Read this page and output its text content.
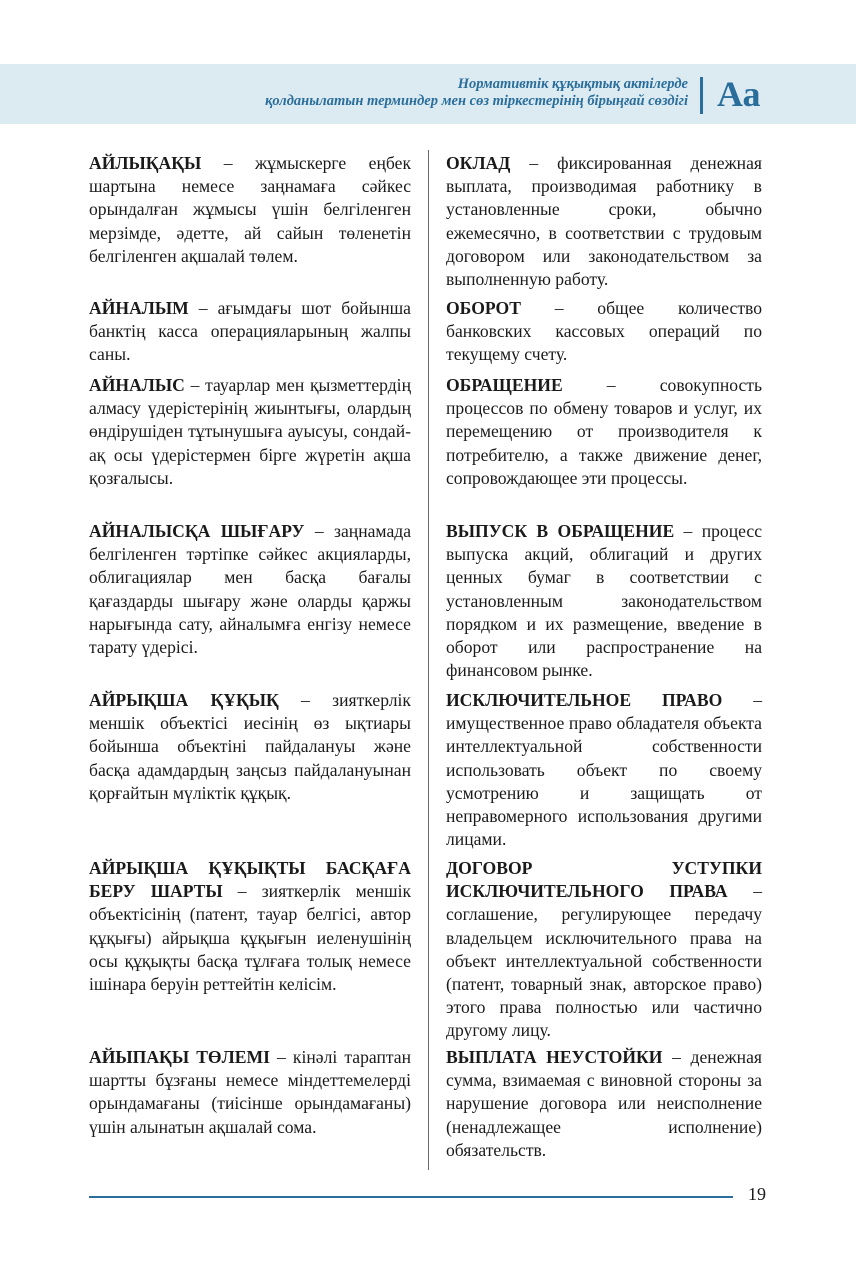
Нормативтік құқықтық актілерде
қолданылатын терминдер мен сөз тіркестерінің бірыңғай сөздігі Аа

АЙЛЫҚАҚЫ – жұмыскерге еңбек шартына немесе заңнамаға сәйкес орындалған жұмысы үшін белгіленген мерзімде, әдетте, ай сайын төленетін белгіленген ақшалай төлем.

ОКЛАД – фиксированная денежная выплата, производимая работнику в установленные сроки, обычно ежемесячно, в соответствии с трудовым договором или законодательством за выполненную работу.

АЙНАЛЫМ – ағымдағы шот бойынша банктің касса операцияларының жалпы саны.

ОБОРОТ – общее количество банковских кассовых операций по текущему счету.

АЙНАЛЫС – тауарлар мен қызметтердің алмасу үдерістерінің жиынтығы, олардың өндірушіден тұтынушыға ауысуы, сондай-ақ осы үдерістермен бірге жүретін ақша қозғалысы.

ОБРАЩЕНИЕ – совокупность процессов по обмену товаров и услуг, их перемещению от производителя к потребителю, а также движение денег, сопровождающее эти процессы.

АЙНАЛЫСҚА ШЫҒАРУ – заңнамада белгіленген тәртіпке сәйкес акцияларды, облигациялар мен басқа бағалы қағаздарды шығару және оларды қаржы нарығында сату, айналымға енгізу немесе тарату үдерісі.

ВЫПУСК В ОБРАЩЕНИЕ – процесс выпуска акций, облигаций и других ценных бумаг в соответствии с установленным законодательством порядком и их размещение, введение в оборот или распространение на финансовом рынке.

АЙРЫҚША ҚҰҚЫҚ – зияткерлік меншік объектісі иесінің өз ықтиары бойынша объектіні пайдалануы және басқа адамдардың заңсыз пайдалануынан қорғайтын мүліктік құқық.

ИСКЛЮЧИТЕЛЬНОЕ ПРАВО – имущественное право обладателя объекта интеллектуальной собственности использовать объект по своему усмотрению и защищать от неправомерного использования другими лицами.

АЙРЫҚША ҚҰҚЫҚТЫ БАСҚАҒА БЕРУ ШАРТЫ – зияткерлік меншік объектісінің (патент, тауар белгісі, автор құқығы) айрықша құқығын иеленушінің осы құқықты басқа тұлғаға толық немесе ішінара беруін реттейтін келісім.

ДОГОВОР УСТУПКИ ИСКЛЮЧИТЕЛЬНОГО ПРАВА – соглашение, регулирующее передачу владельцем исключительного права на объект интеллектуальной собственности (патент, товарный знак, авторское право) этого права полностью или частично другому лицу.

АЙЫПАҚЫ ТӨЛЕМІ – кінәлі тараптан шартты бұзғаны немесе міндеттемелерді орындамағаны (тиісінше орындамағаны) үшін алынатын ақшалай сома.

ВЫПЛАТА НЕУСТОЙКИ – денежная сумма, взимаемая с виновной стороны за нарушение договора или неисполнение (ненадлежащее исполнение) обязательств.

19
